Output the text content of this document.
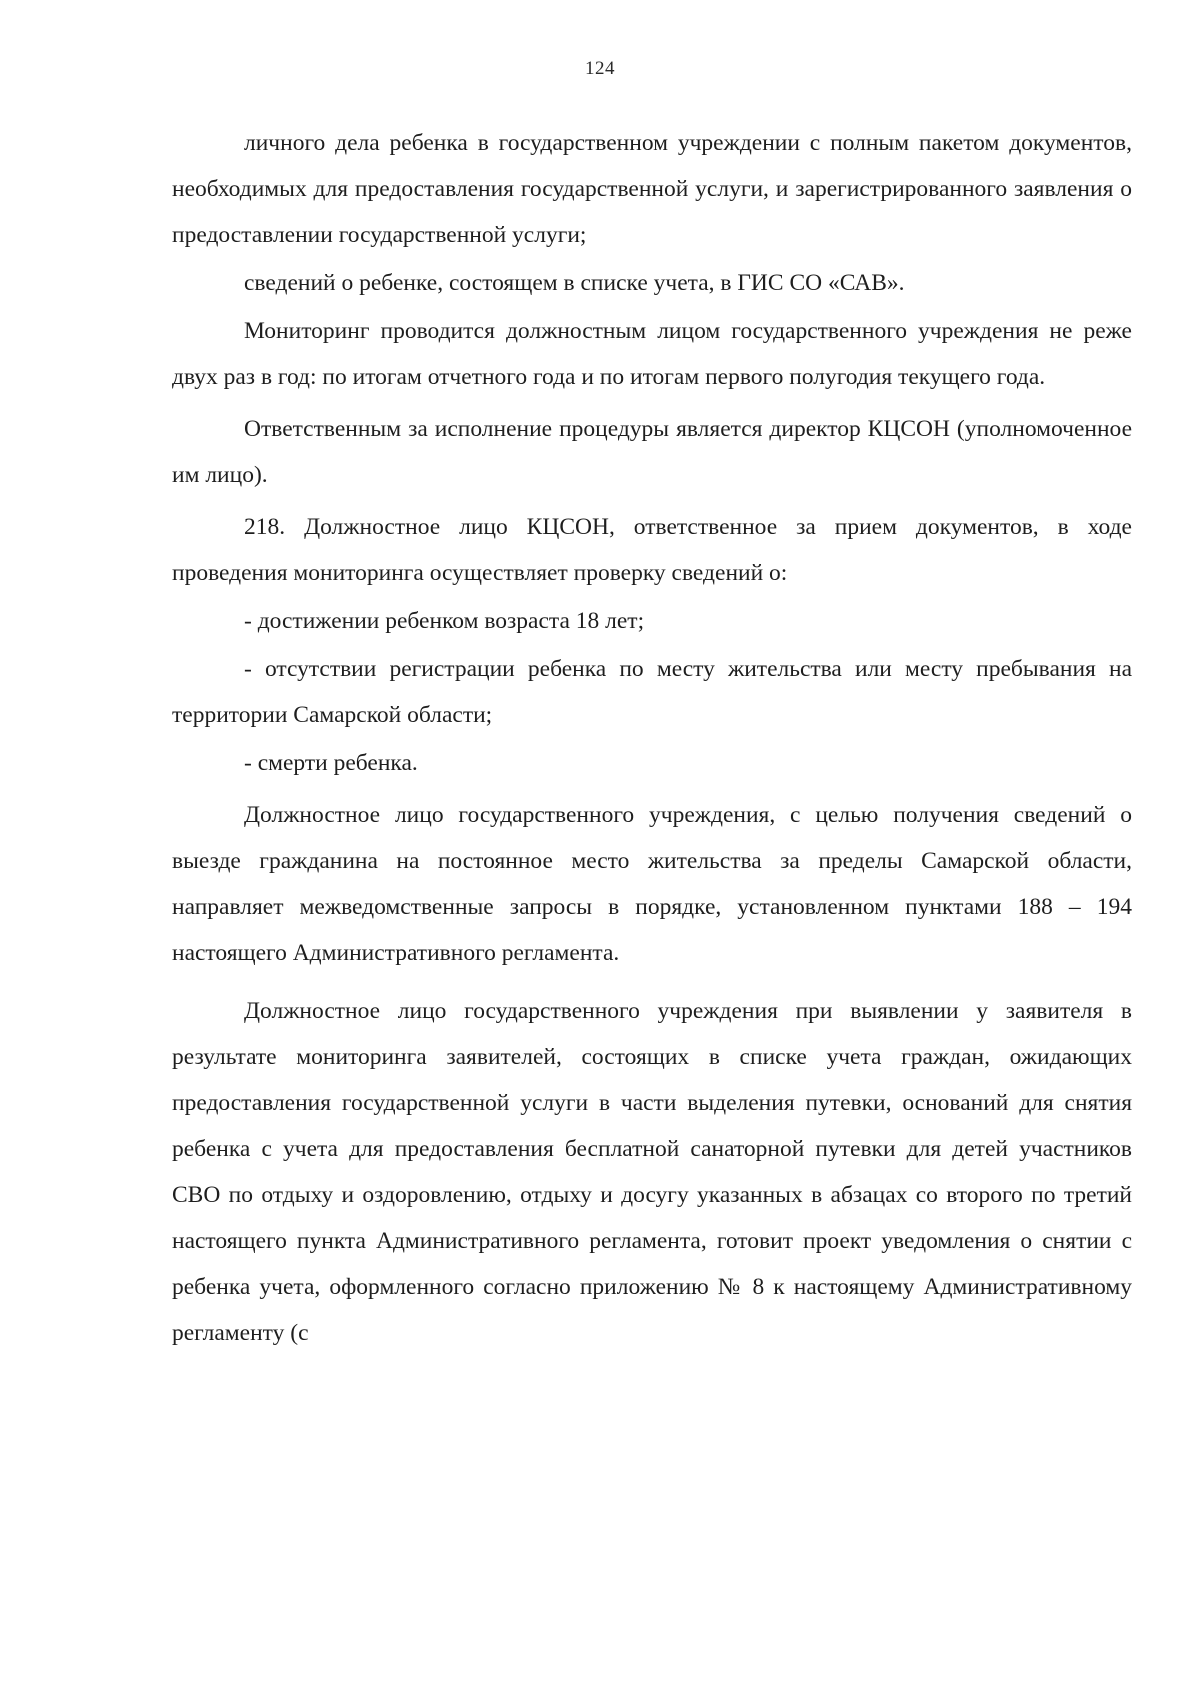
124

личного дела ребенка в государственном учреждении с полным пакетом документов, необходимых для предоставления государственной услуги, и зарегистрированного заявления о предоставлении государственной услуги;

сведений о ребенке, состоящем в списке учета, в ГИС СО «САВ».

Мониторинг проводится должностным лицом государственного учреждения не реже двух раз в год: по итогам отчетного года и по итогам первого полугодия текущего года.

Ответственным за исполнение процедуры является директор КЦСОН (уполномоченное им лицо).

218. Должностное лицо КЦСОН, ответственное за прием документов, в ходе проведения мониторинга осуществляет проверку сведений о:

- достижении ребенком возраста 18 лет;

- отсутствии регистрации ребенка по месту жительства или месту пребывания на территории Самарской области;

- смерти ребенка.

Должностное лицо государственного учреждения, с целью получения сведений о выезде гражданина на постоянное место жительства за пределы Самарской области, направляет межведомственные запросы в порядке, установленном пунктами 188 – 194 настоящего Административного регламента.

Должностное лицо государственного учреждения при выявлении у заявителя в результате мониторинга заявителей, состоящих в списке учета граждан, ожидающих предоставления государственной услуги в части выделения путевки, оснований для снятия ребенка с учета для предоставления бесплатной санаторной путевки для детей участников СВО по отдыху и оздоровлению, отдыху и досугу указанных в абзацах со второго по третий настоящего пункта Административного регламента, готовит проект уведомления о снятии с ребенка учета, оформленного согласно приложению № 8 к настоящему Административному регламенту (с
